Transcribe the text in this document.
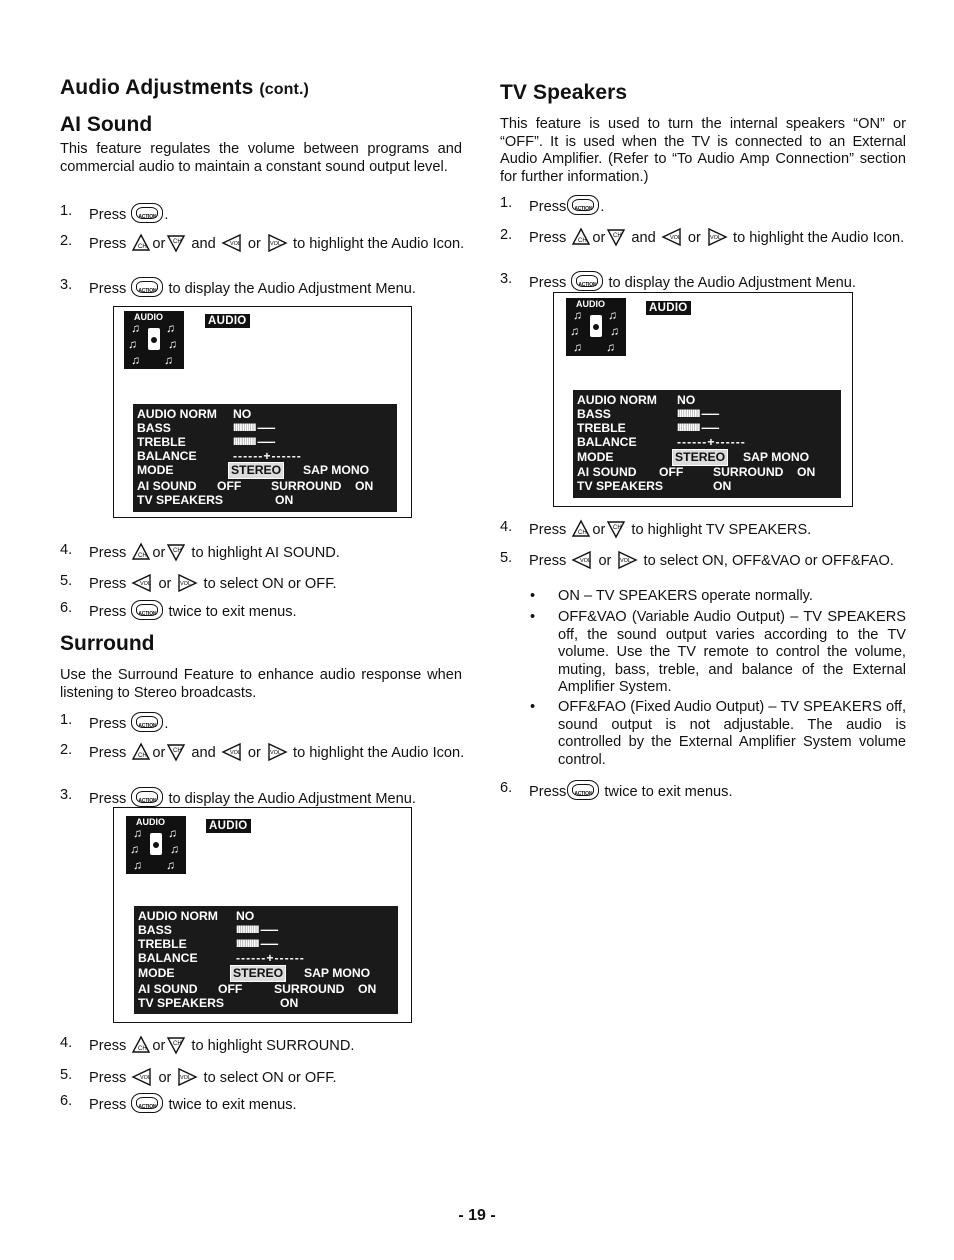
Audio Adjustments (cont.)
AI Sound
This feature regulates the volume between programs and commercial audio to maintain a constant sound output level.
1.	Press ACTION .
2.	Press CH or CH and	VOL or VOL to highlight the Audio Icon.
3.	Press ACTION to display the Audio Adjustment Menu.
AUDIO
♫ ♫
♫	♫
♫ ♫
AUDIO
AUDIO NORM NO
BASS	IIIIIIIIIIII -------
TREBLE	IIIIIIIIIIII -------
BALANCE	------+------
MODE	STEREO SAP MONO
AI SOUND OFF SURROUND ON
TV SPEAKERS	ON
4.	Press CH or CH to highlight AI SOUND.
5.	Press	VOL or VOL to select ON or OFF.
6.	Press ACTION twice to exit menus.
Surround
Use the Surround Feature to enhance audio response when listening to Stereo broadcasts.
1.	Press ACTION .
2.	Press CH or CH and	VOL or VOL to highlight the Audio Icon.
3.	Press ACTION to display the Audio Adjustment Menu.
AUDIO
♫ ♫
♫	♫
♫ ♫
AUDIO
AUDIO NORM NO
BASS	IIIIIIIIIIII -------
TREBLE	IIIIIIIIIIII -------
BALANCE	------+------
MODE	STEREO SAP MONO
AI SOUND OFF	SURROUND ON
TV SPEAKERS	ON
4.	Press CH or CH to highlight SURROUND.
5.	Press	VOL or VOL to select ON or OFF.
6.	Press ACTION twice to exit menus.
TV Speakers
This feature is used to turn the internal speakers “ON” or “OFF”. It is used when the TV is connected to an External Audio Amplifier. (Refer to “To Audio Amp Connection” section for further information.)
1.	Press ACTION .
2.	Press CH or CH and	VOL or VOL to highlight the Audio Icon.
3.	Press ACTION to display the Audio Adjustment Menu.
AUDIO
♫ ♫
♫	♫
♫ ♫
AUDIO
AUDIO NORM NO
BASS	IIIIIIIIIIII -------
TREBLE	IIIIIIIIIIII -------
BALANCE	------+------
MODE	STEREO SAP MONO
AI SOUND OFF SURROUND ON
TV SPEAKERS	ON
4.	Press CH or CH to highlight TV SPEAKERS.
5.	Press	VOL or VOL to select ON, OFF&VAO or OFF&FAO.
• ON – TV SPEAKERS operate normally.
• OFF&VAO (Variable Audio Output) – TV SPEAKERS off, the sound output varies according to the TV volume. Use the TV remote to control the volume, muting, bass, treble, and balance of the External Amplifier System.
• OFF&FAO (Fixed Audio Output) – TV SPEAKERS off, sound output is not adjustable. The audio is controlled by the External Amplifier System volume control.
6.	Press ACTION twice to exit menus.
- 19 -
